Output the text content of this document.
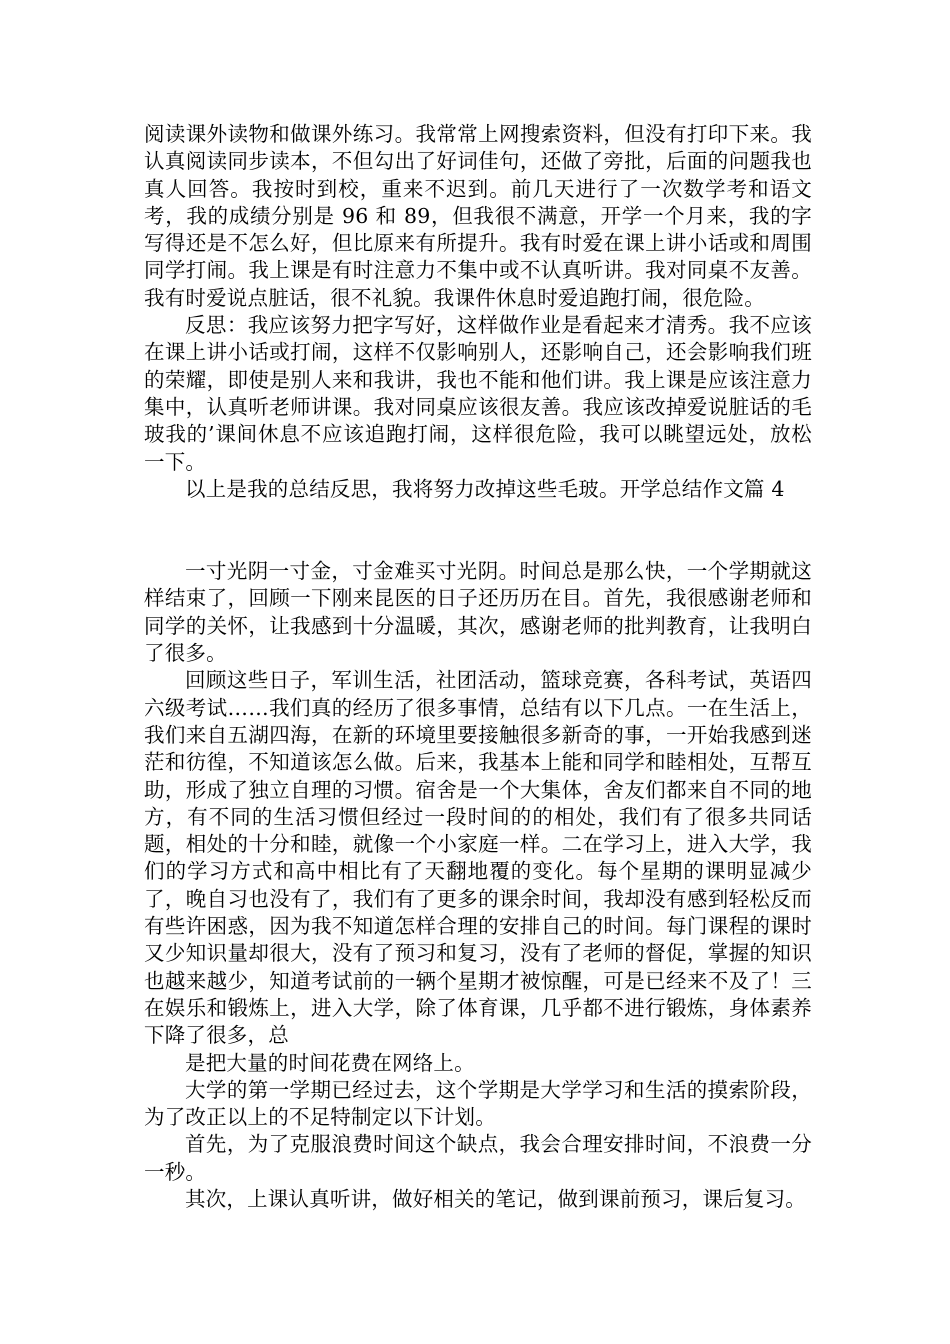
阅读课外读物和做课外练习。我常常上网搜索资料，但没有打印下来。我认真阅读同步读本，不但勾出了好词佳句，还做了旁批，后面的问题我也真人回答。我按时到校，重来不迟到。前几天进行了一次数学考和语文考，我的成绩分别是 96 和 89，但我很不满意，开学一个月来，我的字写得还是不怎么好，但比原来有所提升。我有时爱在课上讲小话或和周围同学打闹。我上课是有时注意力不集中或不认真听讲。我对同桌不友善。我有时爱说点脏话，很不礼貌。我课件休息时爱追跑打闹，很危险。

反思：我应该努力把字写好，这样做作业是看起来才清秀。我不应该在课上讲小话或打闹，这样不仅影响别人，还影响自己，还会影响我们班的荣耀，即使是别人来和我讲，我也不能和他们讲。我上课是应该注意力集中，认真听老师讲课。我对同桌应该很友善。我应该改掉爱说脏话的毛玻我的’课间休息不应该追跑打闹，这样很危险，我可以眺望远处，放松一下。

以上是我的总结反思，我将努力改掉这些毛玻。开学总结作文篇 4

一寸光阴一寸金，寸金难买寸光阴。时间总是那么快，一个学期就这样结束了，回顾一下刚来昆医的日子还历历在目。首先，我很感谢老师和同学的关怀，让我感到十分温暖，其次，感谢老师的批判教育，让我明白了很多。

回顾这些日子，军训生活，社团活动，篮球竞赛，各科考试，英语四六级考试……我们真的经历了很多事情，总结有以下几点。一在生活上，我们来自五湖四海，在新的环境里要接触很多新奇的事，一开始我感到迷茫和彷徨，不知道该怎么做。后来，我基本上能和同学和睦相处，互帮互助，形成了独立自理的习惯。宿舍是一个大集体，舍友们都来自不同的地方，有不同的生活习惯但经过一段时间的的相处，我们有了很多共同话题，相处的十分和睦，就像一个小家庭一样。二在学习上，进入大学，我们的学习方式和高中相比有了天翻地覆的变化。每个星期的课明显减少了，晚自习也没有了，我们有了更多的课余时间，我却没有感到轻松反而有些许困惑，因为我不知道怎样合理的安排自己的时间。每门课程的课时又少知识量却很大，没有了预习和复习，没有了老师的督促，掌握的知识也越来越少，知道考试前的一辆个星期才被惊醒，可是已经来不及了！三在娱乐和锻炼上，进入大学，除了体育课，几乎都不进行锻炼，身体素养下降了很多，总

是把大量的时间花费在网络上。

大学的第一学期已经过去，这个学期是大学学习和生活的摸索阶段，为了改正以上的不足特制定以下计划。

首先，为了克服浪费时间这个缺点，我会合理安排时间，不浪费一分一秒。

其次，上课认真听讲，做好相关的笔记，做到课前预习，课后复习。
